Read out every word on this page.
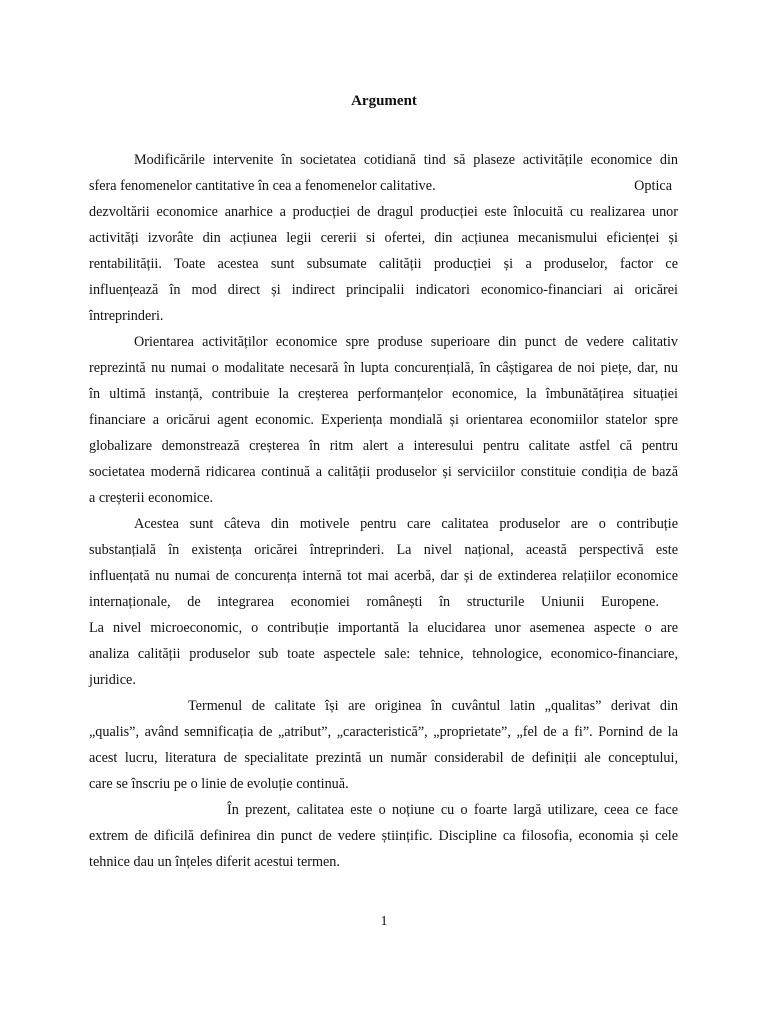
Argument

Modificările intervenite în societatea cotidiană tind să plaseze activitățile economice din

sfera fenomenelor cantitative în cea a fenomenelor calitative.	Optica

dezvoltării economice anarhice a producției de dragul producției este înlocuită cu realizarea unor

activități izvorâte din acțiunea legii cererii si ofertei, din acțiunea mecanismului eficienței și

rentabilității. Toate acestea sunt subsumate calității producției și a produselor, factor ce

influențează în mod direct și indirect principalii indicatori economico-financiari ai oricărei

întreprinderi.

Orientarea activităților economice spre produse superioare din punct de vedere calitativ

reprezintă nu numai o modalitate necesară în lupta concurențială, în câștigarea de noi piețe, dar, nu

în ultimă instanță, contribuie la creșterea performanțelor economice, la îmbunătățirea situației

financiare a oricărui agent economic. Experiența mondială și orientarea economiilor statelor spre

globalizare demonstrează creșterea în ritm alert a interesului pentru calitate astfel că pentru

societatea modernă ridicarea continuă a calității produselor și serviciilor constituie condiția de bază

a creșterii economice.

Acestea sunt câteva din motivele pentru care calitatea produselor are o contribuție

substanțială în existența oricărei întreprinderi. La nivel național, această perspectivă este

influențată nu numai de concurența internă tot mai acerbă, dar și de extinderea relațiilor economice

internaționale, de integrarea economiei românești în structurile Uniunii Europene.

La nivel microeconomic, o contribuție importantă la elucidarea unor asemenea aspecte o are

analiza calității produselor sub toate aspectele sale: tehnice, tehnologice, economico-financiare,

juridice.

Termenul de calitate își are originea în cuvântul latin „qualitas” derivat din

„qualis”, având semnificația de „atribut”, „caracteristică”, „proprietate”, „fel de a fi”. Pornind de la

acest lucru, literatura de specialitate prezintă un număr considerabil de definiții ale conceptului,

care se înscriu pe o linie de evoluție continuă.

În prezent, calitatea este o noțiune cu o foarte largă utilizare, ceea ce face

extrem de dificilă definirea din punct de vedere științific. Discipline ca filosofia, economia și cele

tehnice dau un înțeles diferit acestui termen.

1
